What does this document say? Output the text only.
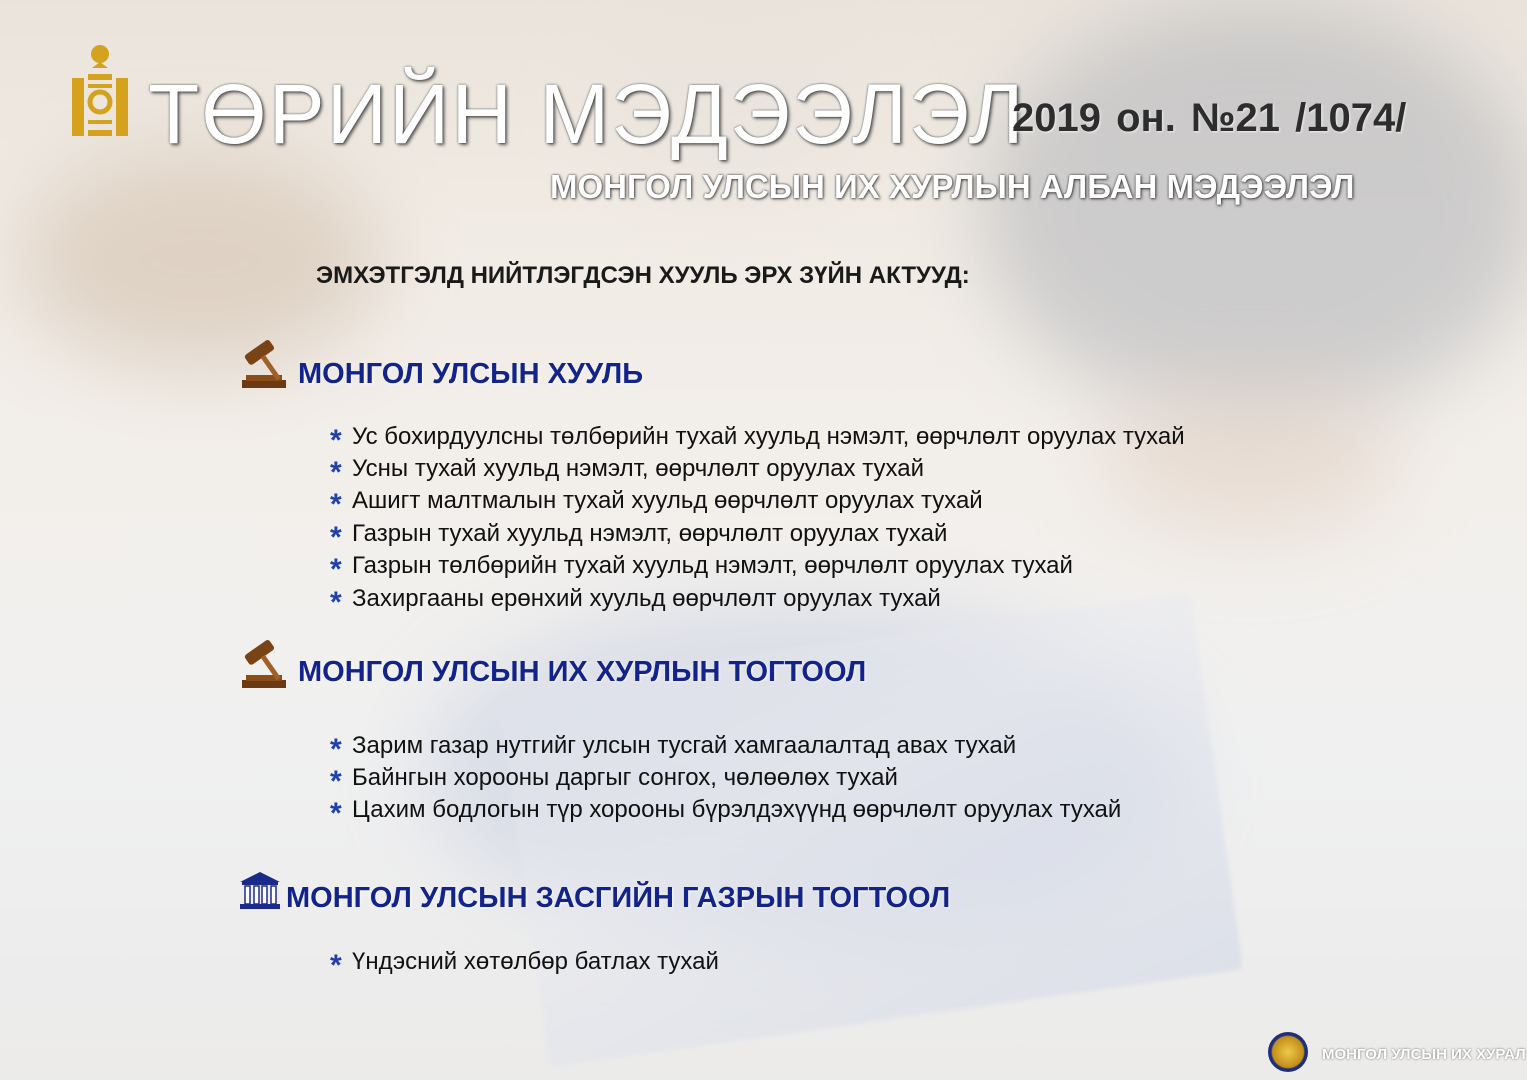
ТӨРИЙН МЭДЭЭЛЭЛ
2019 он. №21 /1074/
МОНГОЛ УЛСЫН ИХ ХУРЛЫН АЛБАН МЭДЭЭЛЭЛ
ЭМХЭТГЭЛД НИЙТЛЭГДСЭН ХУУЛЬ ЭРХ ЗҮЙН АКТУУД:
МОНГОЛ УЛСЫН ХУУЛЬ
* Ус бохирдуулсны төлбөрийн тухай хуульд нэмэлт, өөрчлөлт оруулах тухай
* Усны тухай хуульд нэмэлт, өөрчлөлт оруулах тухай
* Ашигт малтмалын тухай хуульд өөрчлөлт оруулах тухай
* Газрын тухай хуульд нэмэлт, өөрчлөлт оруулах тухай
* Газрын төлбөрийн тухай хуульд нэмэлт, өөрчлөлт оруулах тухай
* Захиргааны ерөнхий хуульд өөрчлөлт оруулах тухай
МОНГОЛ УЛСЫН ИХ ХУРЛЫН ТОГТООЛ
* Зарим газар нутгийг улсын тусгай хамгаалалтад авах тухай
* Байнгын хорооны даргыг сонгох, чөлөөлөх тухай
* Цахим бодлогын түр хорооны бүрэлдэхүүнд өөрчлөлт оруулах тухай
МОНГОЛ УЛСЫН ЗАСГИЙН ГАЗРЫН ТОГТООЛ
* Үндэсний хөтөлбөр батлах тухай
МОНГОЛ УЛСЫН ИХ ХУРАЛ
